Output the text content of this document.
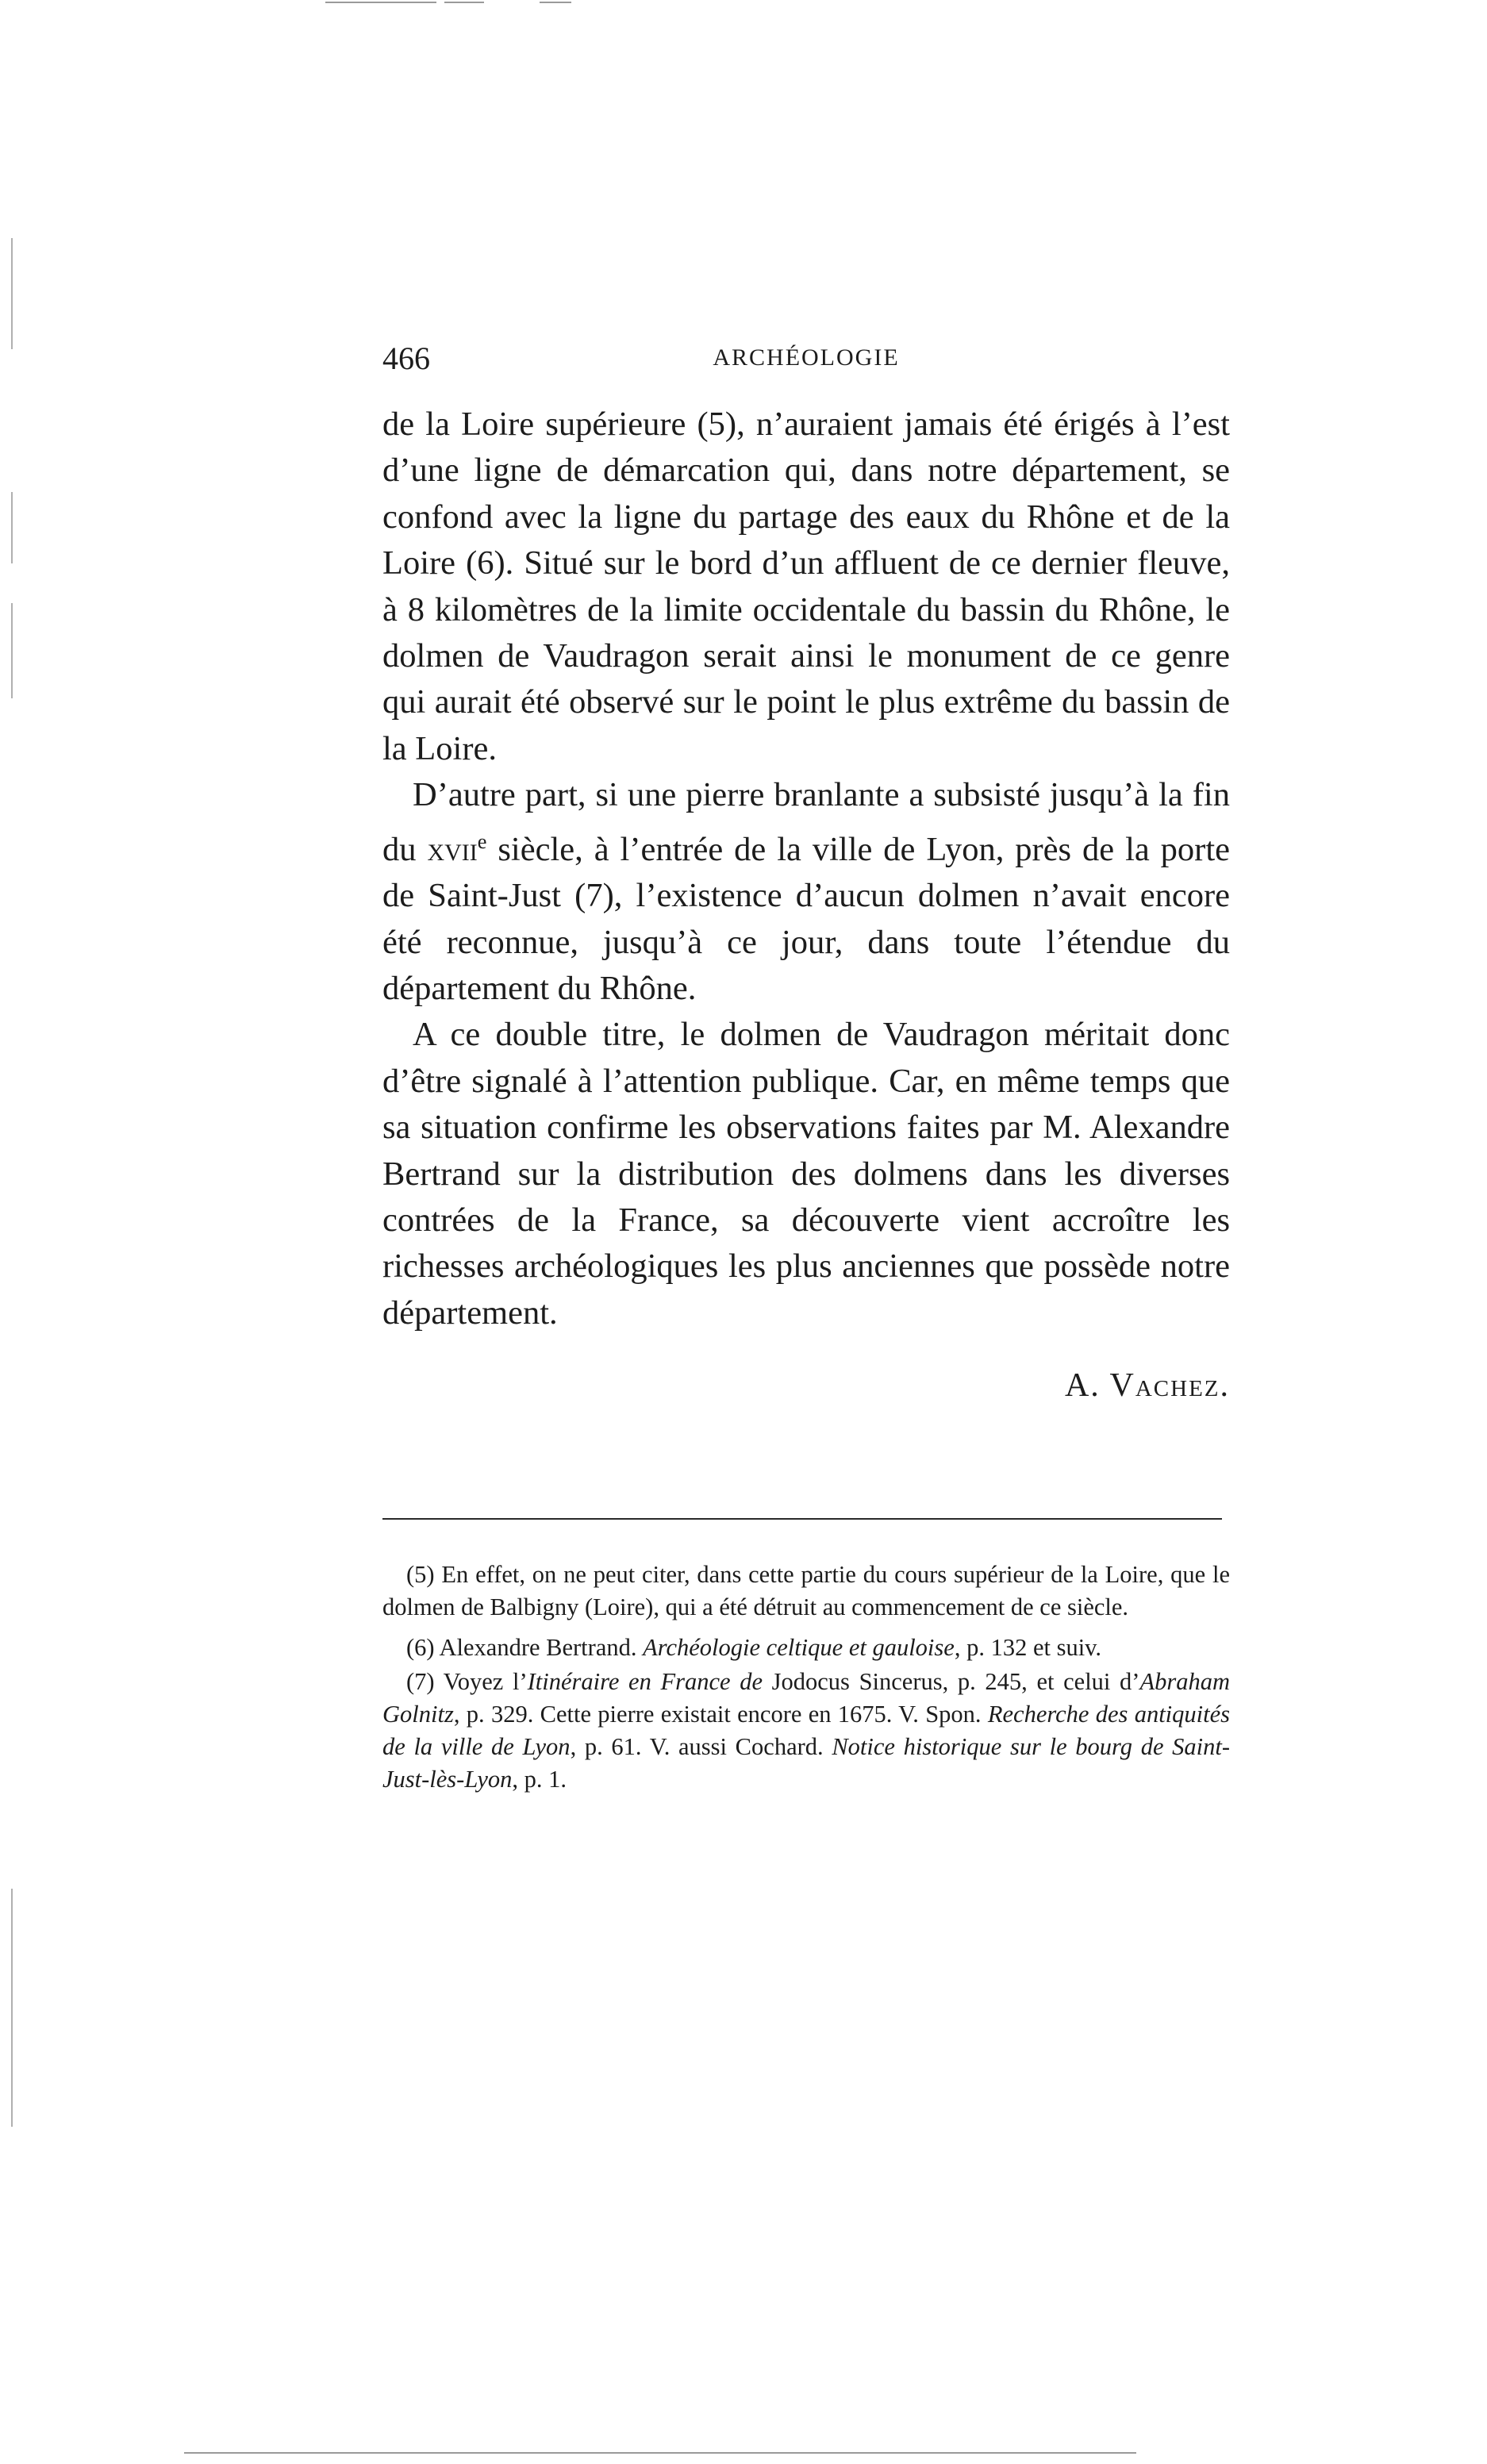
466	ARCHÉOLOGIE

de la Loire supérieure (5), n’auraient jamais été érigés à l’est d’une ligne de démarcation qui, dans notre département, se confond avec la ligne du partage des eaux du Rhône et de la Loire (6). Situé sur le bord d’un affluent de ce dernier fleuve, à 8 kilomètres de la limite occidentale du bassin du Rhône, le dolmen de Vaudragon serait ainsi le monument de ce genre qui aurait été observé sur le point le plus extrême du bassin de la Loire.

D’autre part, si une pierre branlante a subsisté jusqu’à la fin du xvii$^e$ siècle, à l’entrée de la ville de Lyon, près de la porte de Saint-Just (7), l’existence d’aucun dolmen n’avait encore été reconnue, jusqu’à ce jour, dans toute l’étendue du département du Rhône.

A ce double titre, le dolmen de Vaudragon méritait donc d’être signalé à l’attention publique. Car, en même temps que sa situation confirme les observations faites par M. Alexandre Bertrand sur la distribution des dolmens dans les diverses contrées de la France, sa découverte vient accroître les richesses archéologiques les plus anciennes que possède notre département.

A. Vachez.

(5) En effet, on ne peut citer, dans cette partie du cours supérieur de la Loire, que le dolmen de Balbigny (Loire), qui a été détruit au commencement de ce siècle.

(6) Alexandre Bertrand. Archéologie celtique et gauloise, p. 132 et suiv.

(7) Voyez l’Itinéraire en France de Jodocus Sincerus, p. 245, et celui d’Abraham Golnitz, p. 329. Cette pierre existait encore en 1675. V. Spon. Recherche des antiquités de la ville de Lyon, p. 61. V. aussi Cochard. Notice historique sur le bourg de Saint-Just-lès-Lyon, p. 1.
